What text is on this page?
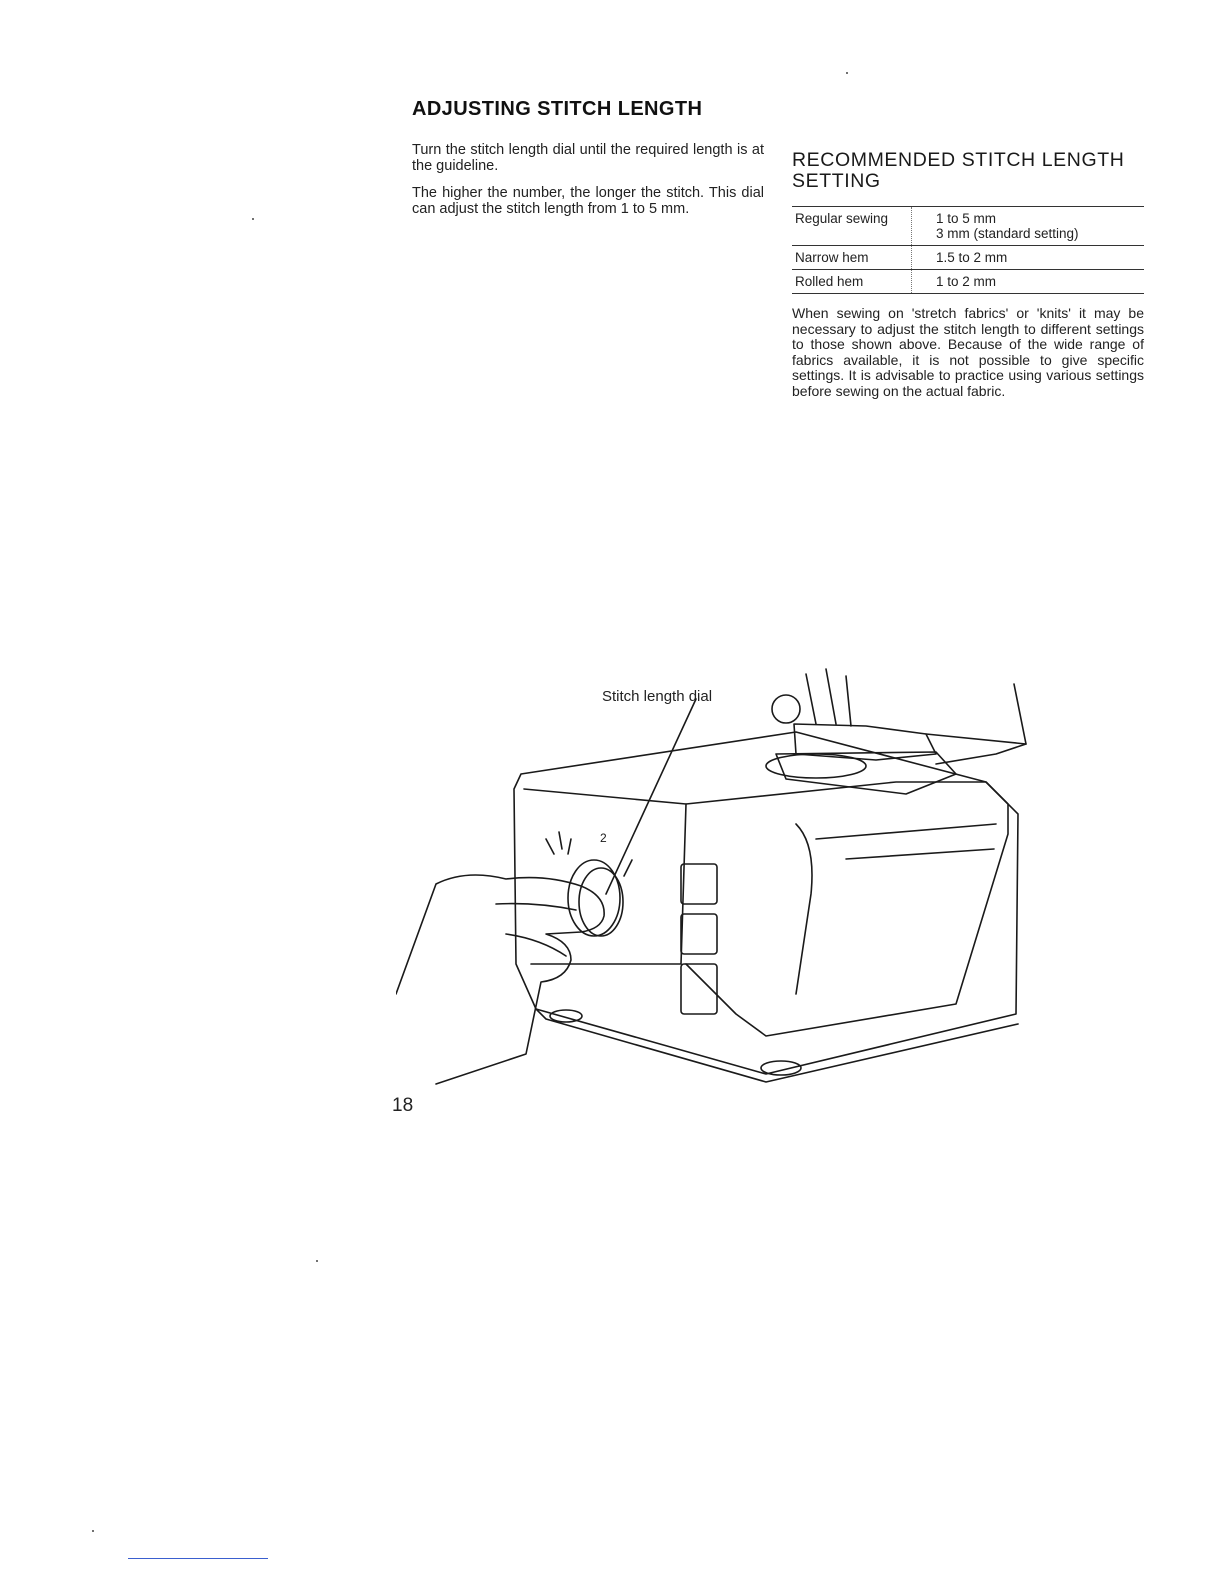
ADJUSTING STITCH LENGTH

Turn the stitch length dial until the required length is at the guideline.

The higher the number, the longer the stitch. This dial can adjust the stitch length from 1 to 5 mm.

RECOMMENDED STITCH LENGTH
SETTING
Regular sewing	1 to 5 mm
3 mm (standard setting)

Narrow hem	1.5 to 2 mm
Rolled hem	1 to 2 mm

When sewing on 'stretch fabrics' or 'knits' it may be necessary to adjust the stitch length to different settings to those shown above. Because of the wide range of fabrics available, it is not possible to give specific settings. It is advisable to practice using various settings before sewing on the actual fabric.

Stitch length dial
2
18
